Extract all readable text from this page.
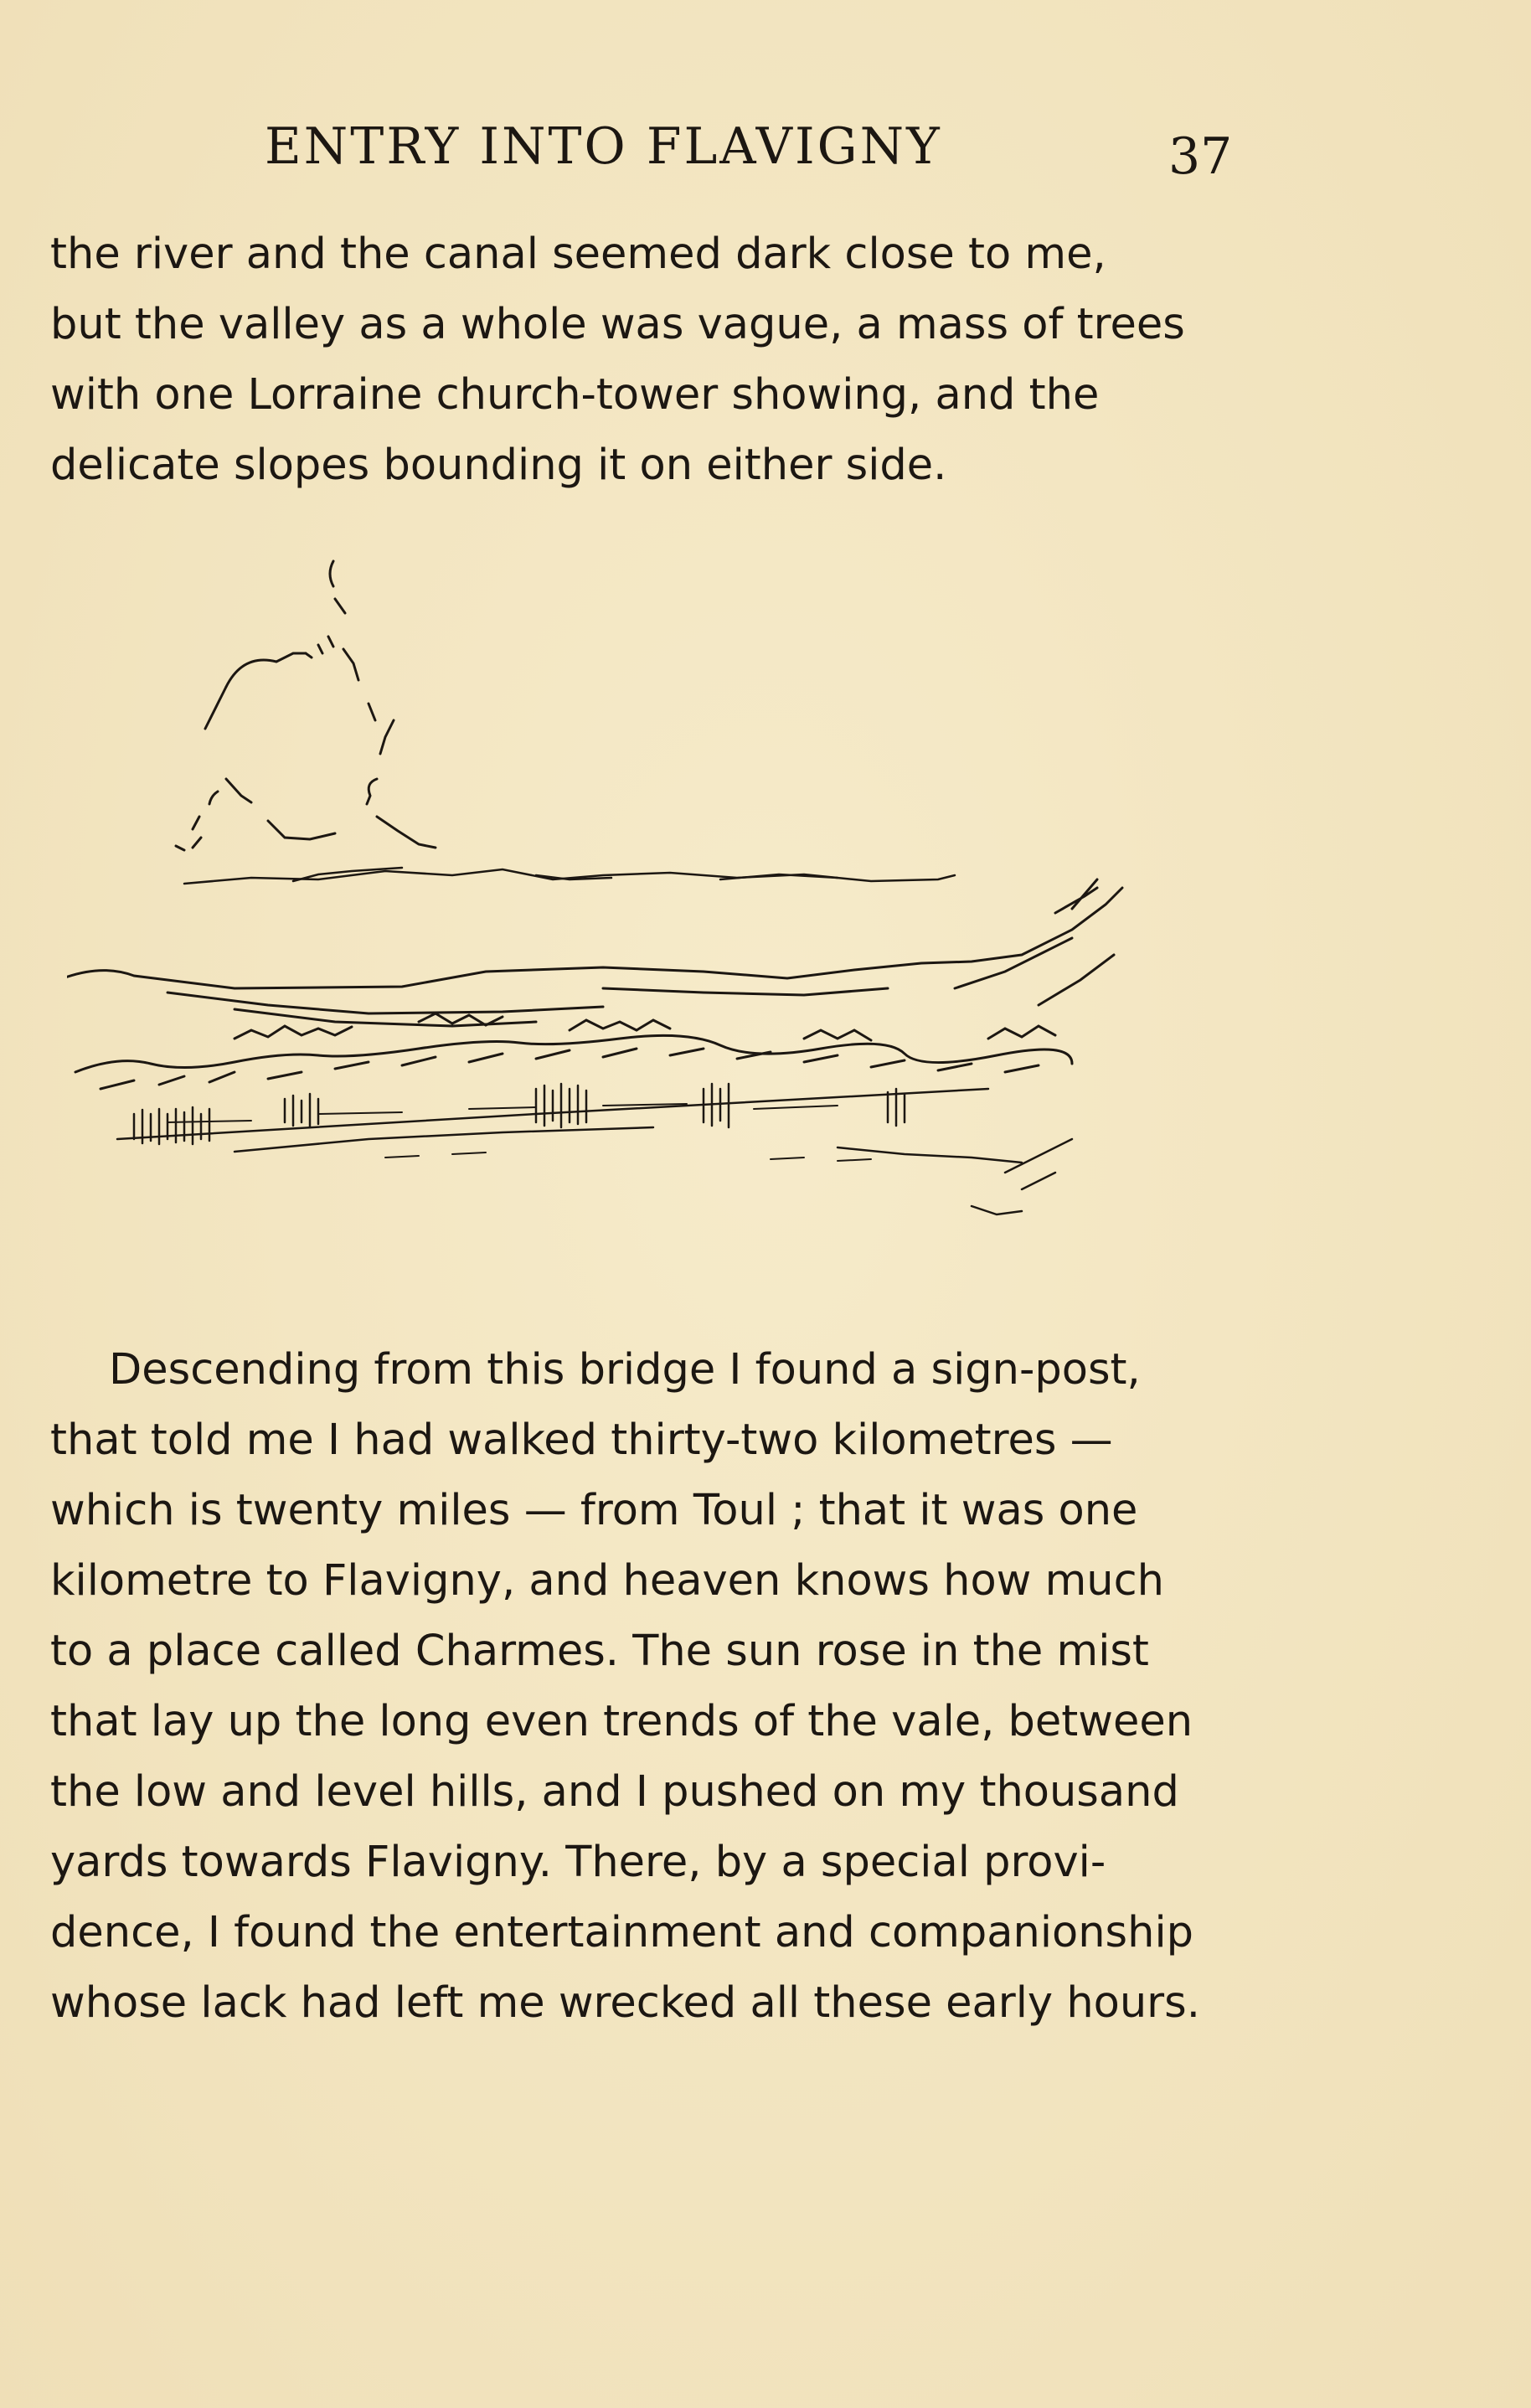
ENTRY INTO FLAVIGNY	37
the river and the canal seemed dark close to me,
but the valley as a whole was vague, a mass of trees
with one Lorraine church-tower showing, and the
delicate slopes bounding it on either side.
Descending from this bridge I found a sign-post,
that told me I had walked thirty-two kilometres —
which is twenty miles — from Toul ; that it was one
kilometre to Flavigny, and heaven knows how much
to a place called Charmes. The sun rose in the mist
that lay up the long even trends of the vale, between
the low and level hills, and I pushed on my thousand
yards towards Flavigny. There, by a special provi-
dence, I found the entertainment and companionship
whose lack had left me wrecked all these early hours.
